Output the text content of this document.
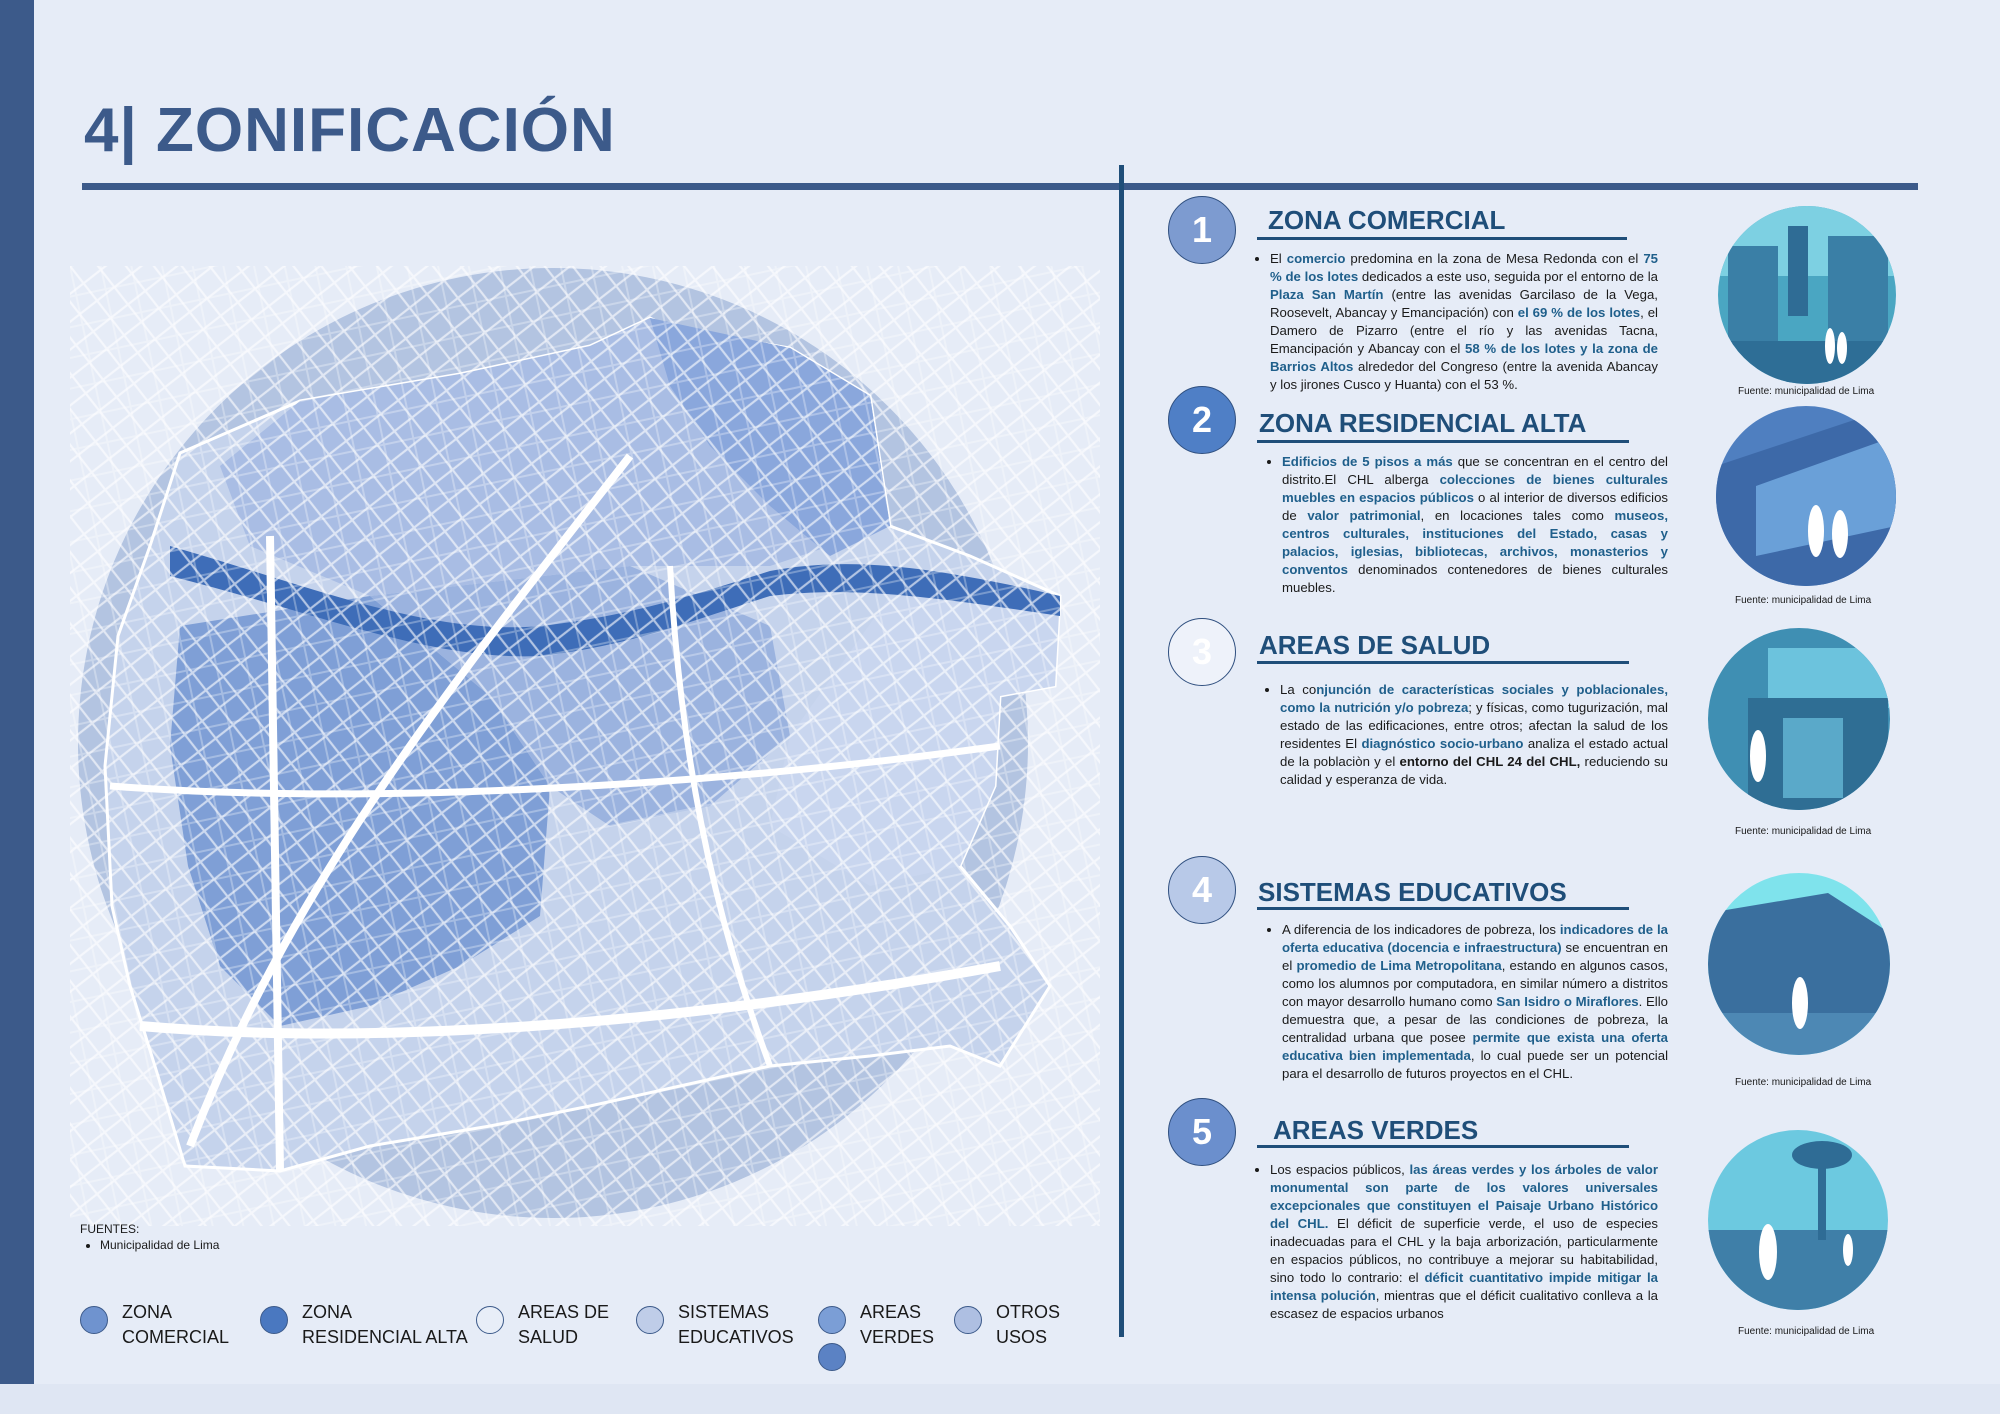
4| ZONIFICACIÓN
FUENTES:
• Municipalidad de Lima
ZONA
COMERCIAL
ZONA
RESIDENCIAL ALTA
AREAS DE
SALUD
SISTEMAS
EDUCATIVOS
AREAS
VERDES
OTROS
USOS
1	ZONA COMERCIAL
• El comercio predomina en la zona de Mesa Redonda con el 75 % de los lotes dedicados a este uso, seguida por el entorno de la Plaza San Martín (entre las avenidas Garcilaso de la Vega, Roosevelt, Abancay y Emancipación) con el 69 % de los lotes, el Damero de Pizarro (entre el río y las avenidas Tacna, Emancipación y Abancay con el 58 % de los lotes y la zona de Barrios Altos alrededor del Congreso (entre la avenida Abancay y los jirones Cusco y Huanta) con el 53 %.	Fuente: municipalidad de Lima
2	ZONA RESIDENCIAL ALTA
• Edificios de 5 pisos a más que se concentran en el centro del distrito.El CHL alberga colecciones de bienes culturales muebles en espacios públicos o al interior de diversos edificios de valor patrimonial, en locaciones tales como museos, centros culturales, instituciones del Estado, casas y palacios, iglesias, bibliotecas, archivos, monasterios y conventos denominados contenedores de bienes culturales muebles.
Fuente: municipalidad de Lima
3	AREAS DE SALUD
• La conjunción de características sociales y poblacionales, como la nutrición y/o pobreza; y físicas, como tugurización, mal estado de las edificaciones, entre otros; afectan la salud de los residentes El diagnóstico socio-urbano analiza el estado actual de la poblaciòn y el entorno del CHL 24 del CHL, reduciendo su calidad y esperanza de vida.
Fuente: municipalidad de Lima
4	SISTEMAS EDUCATIVOS
• A diferencia de los indicadores de pobreza, los indicadores de la oferta educativa (docencia e infraestructura) se encuentran en el promedio de Lima Metropolitana, estando en algunos casos, como los alumnos por computadora, en similar número a distritos con mayor desarrollo humano como San Isidro o Miraflores. Ello demuestra que, a pesar de las condiciones de pobreza, la centralidad urbana que posee permite que exista una oferta educativa bien implementada, lo cual puede ser un potencial para el desarrollo de futuros proyectos en el CHL.
Fuente: municipalidad de Lima
5	AREAS VERDES
• Los espacios públicos, las áreas verdes y los árboles de valor monumental son parte de los valores universales excepcionales que constituyen el Paisaje Urbano Histórico del CHL. El déficit de superficie verde, el uso de especies inadecuadas para el CHL y la baja arborización, particularmente en espacios públicos, no contribuye a mejorar su habitabilidad, sino todo lo contrario: el déficit cuantitativo impide mitigar la intensa polución, mientras que el déficit cualitativo conlleva a la escasez de espacios urbanos
Fuente: municipalidad de Lima
